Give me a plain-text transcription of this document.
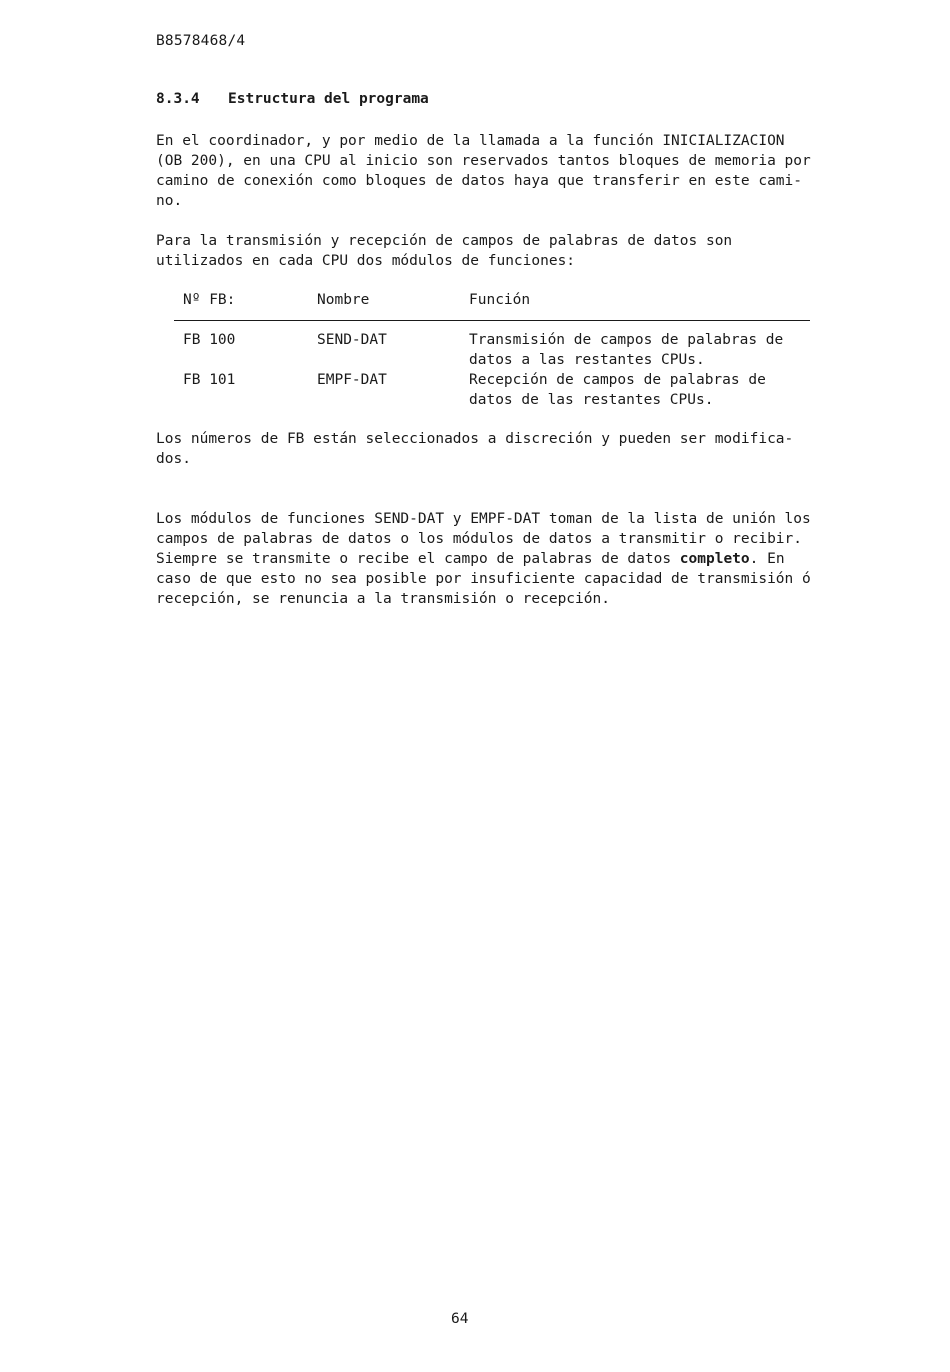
B8578468/4
8.3.4 Estructura del programa
En el coordinador, y por medio de la llamada a la función INICIALIZACION
(OB 200), en una CPU al inicio son reservados tantos bloques de memoria por
camino de conexión como bloques de datos haya que transferir en este cami-
no.
Para la transmisión y recepción de campos de palabras de datos son
utilizados en cada CPU dos módulos de funciones:
Nº FB:	Nombre	Función
FB 100	SEND-DAT	Transmisión de campos de palabras de
datos a las restantes CPUs.
FB 101	EMPF-DAT	Recepción de campos de palabras de
datos de las restantes CPUs.
Los números de FB están seleccionados a discreción y pueden ser modifica-
dos.
Los módulos de funciones SEND-DAT y EMPF-DAT toman de la lista de unión los
campos de palabras de datos o los módulos de datos a transmitir o recibir.
Siempre se transmite o recibe el campo de palabras de datos completo. En
caso de que esto no sea posible por insuficiente capacidad de transmisión ó
recepción, se renuncia a la transmisión o recepción.
64
